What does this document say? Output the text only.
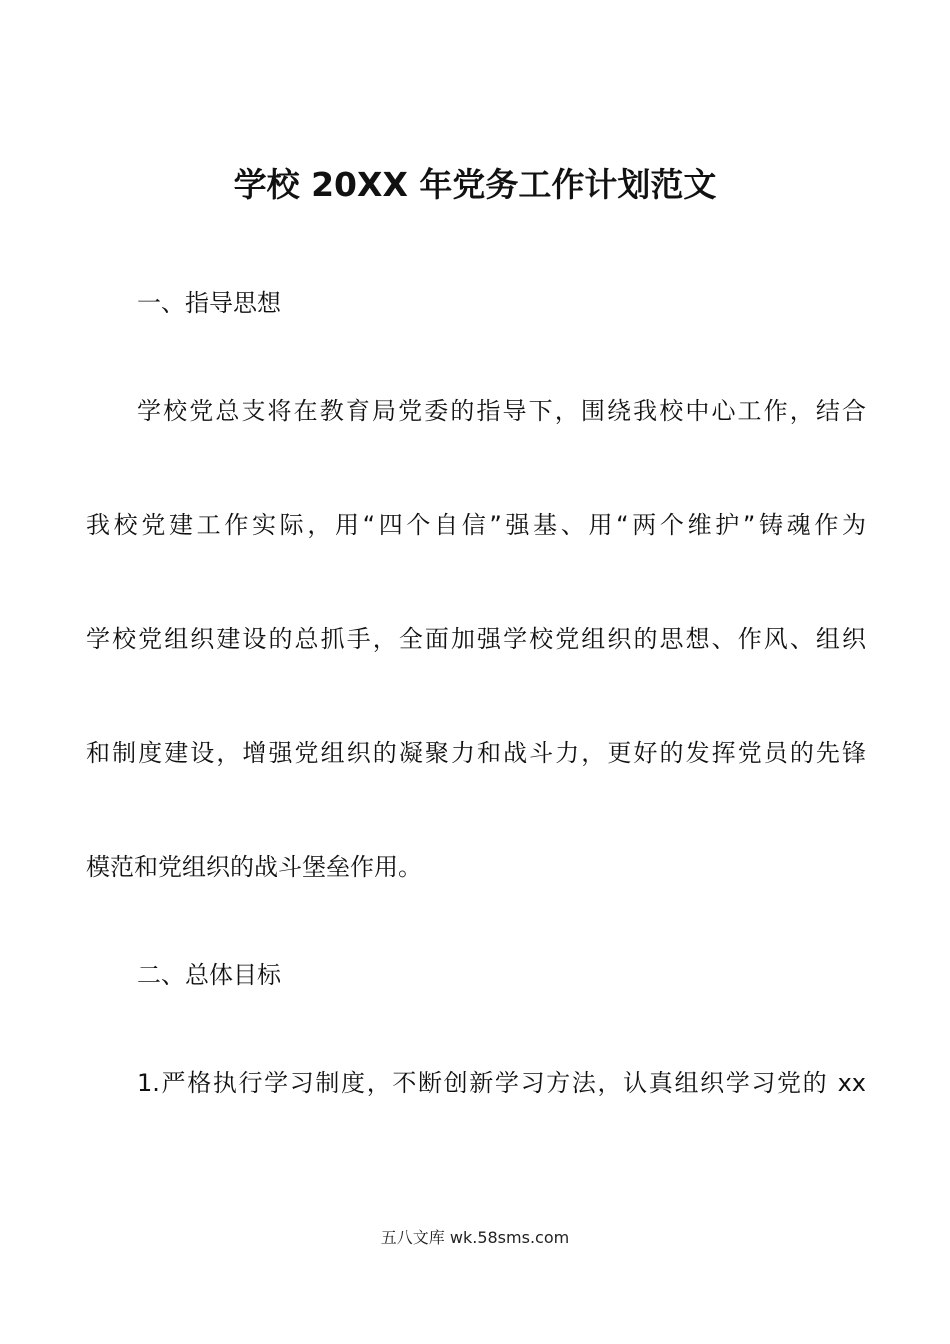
学校 20XX 年党务工作计划范文
一、指导思想
学校党总支将在教育局党委的指导下，围绕我校中心工作，结合
我校党建工作实际，用“四个自信”强基、用“两个维护”铸魂作为
学校党组织建设的总抓手，全面加强学校党组织的思想、作风、组织
和制度建设，增强党组织的凝聚力和战斗力，更好的发挥党员的先锋
模范和党组织的战斗堡垒作用。
二、总体目标
1.严格执行学习制度，不断创新学习方法，认真组织学习党的 xx
五八文库 wk.58sms.com
